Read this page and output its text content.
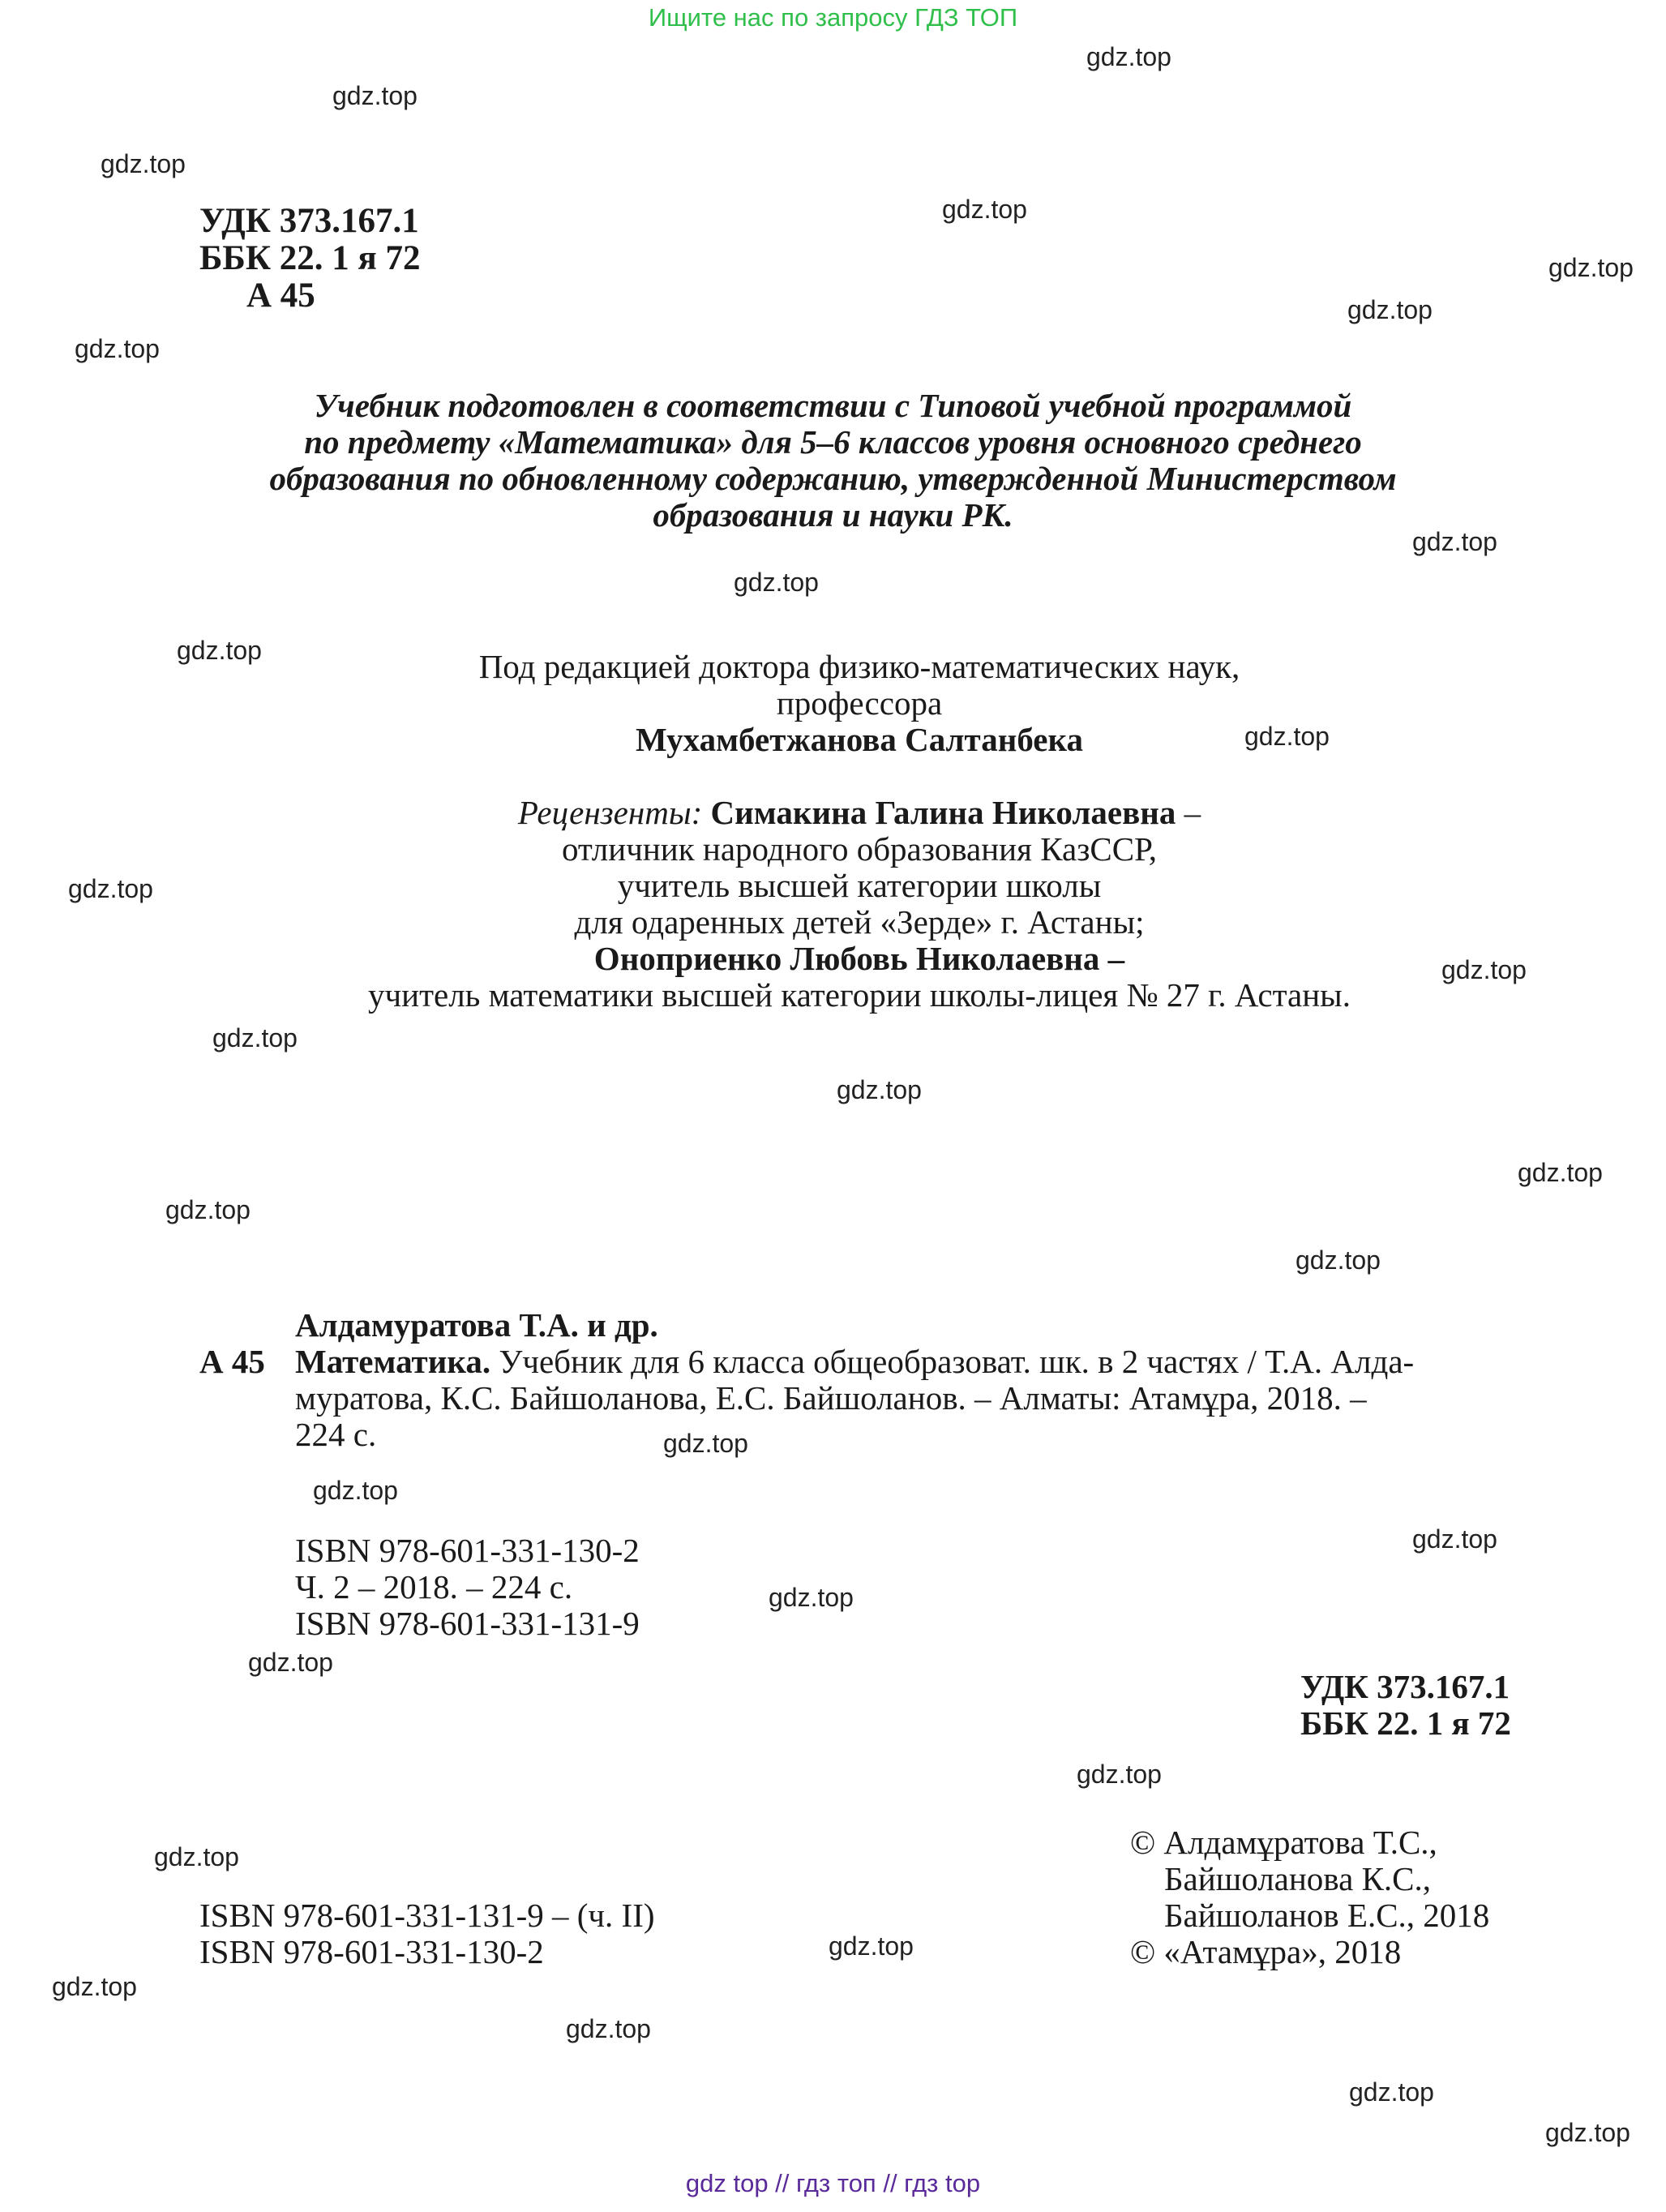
Ищите нас по запросу ГДЗ ТОП
gdz top // гдз топ // гдз top
gdz.top
gdz.top
gdz.top
gdz.top
gdz.top
gdz.top
gdz.top
gdz.top
gdz.top
gdz.top
gdz.top
gdz.top
gdz.top
gdz.top
gdz.top
gdz.top
gdz.top
gdz.top
gdz.top
gdz.top
gdz.top
gdz.top
gdz.top
gdz.top
gdz.top
gdz.top
gdz.top
gdz.top
gdz.top
gdz.top
УДК 373.167.1
ББК 22. 1 я 72
А 45
Учебник подготовлен в соответствии с Типовой учебной программой
по предмету «Математика» для 5–6 классов уровня основного среднего
образования по обновленному содержанию, утвержденной Министерством
образования и науки РК.
Под редакцией доктора физико-математических наук,
профессора
Мухамбетжанова Салтанбека
Рецензенты: Симакина Галина Николаевна –
отличник народного образования КазССР,
учитель высшей категории школы
для одаренных детей «Зерде» г. Астаны;
Оноприенко Любовь Николаевна –
учитель математики высшей категории школы-лицея № 27 г. Астаны.
Алдамуратова Т.А. и др.
А 45 Математика. Учебник для 6 класса общеобразоват. шк. в 2 частях / Т.А. Алда-
муратова, К.С. Байшоланова, Е.С. Байшоланов. – Алматы: Атамұра, 2018. –
224 с.
ISBN 978-601-331-130-2
Ч. 2 – 2018. – 224 с.
ISBN 978-601-331-131-9
УДК 373.167.1
ББК 22. 1 я 72
ISBN 978-601-331-131-9 – (ч. II)
ISBN 978-601-331-130-2
© Алдамұратова Т.С.,
Байшоланова К.С.,
Байшоланов Е.С., 2018
© «Атамұра», 2018
